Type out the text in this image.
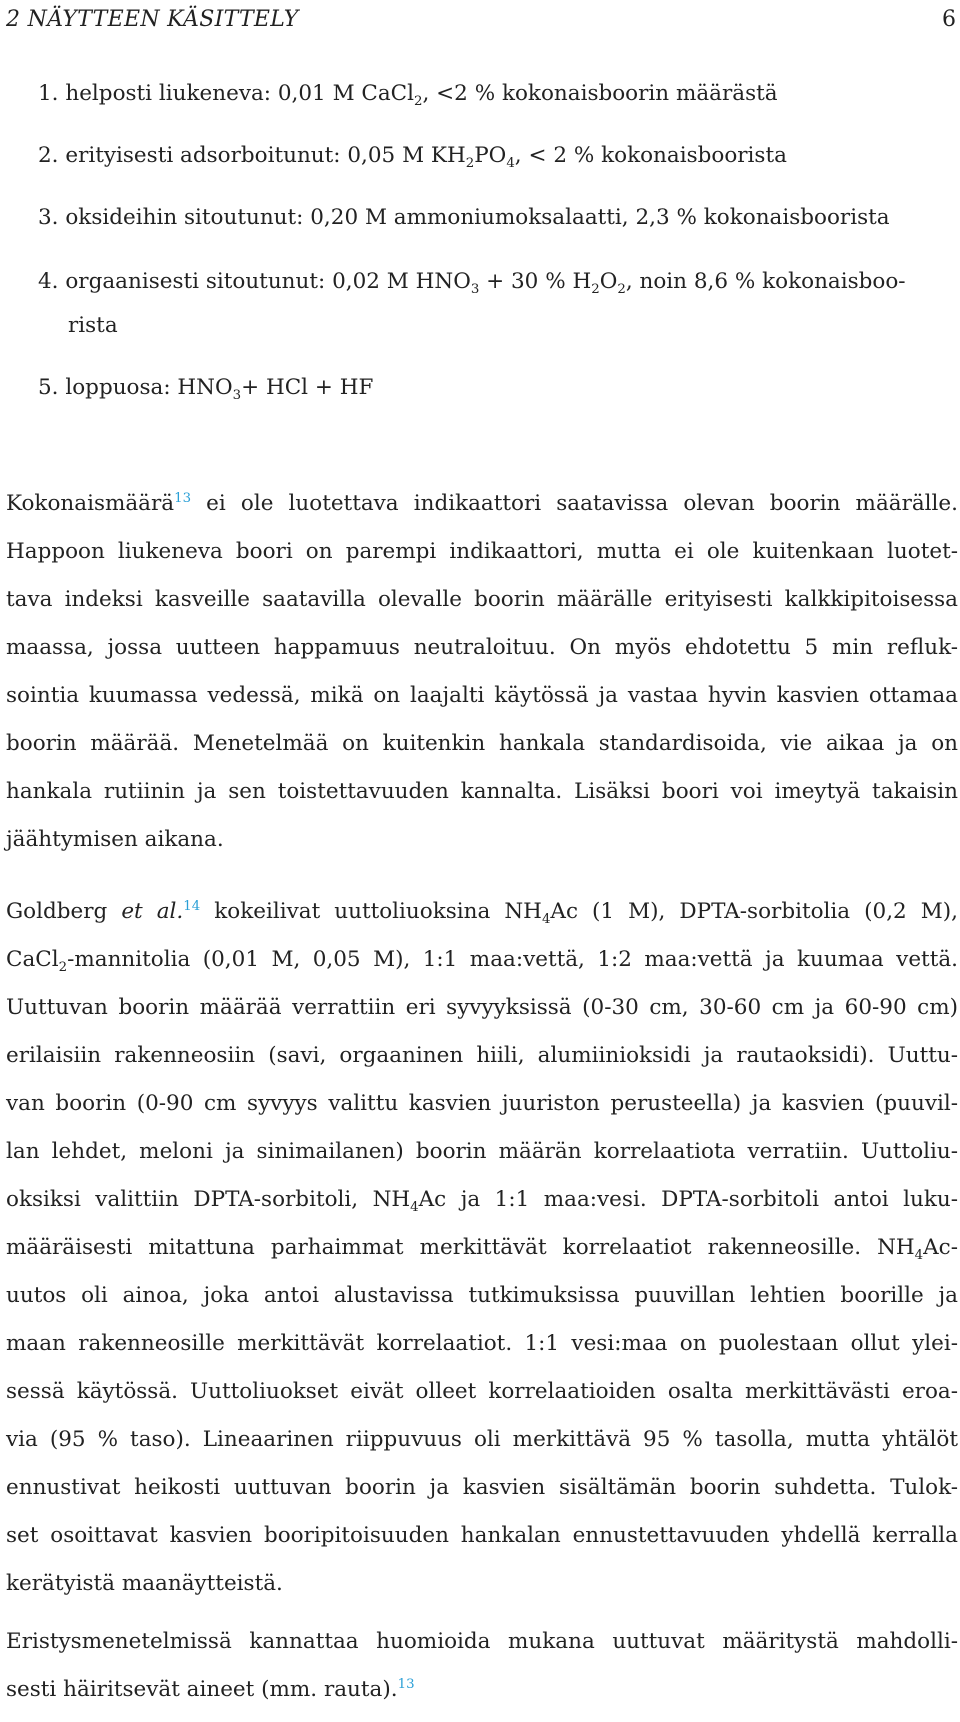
2 NÄYTTEEN KÄSITTELY	6
1. helposti liukeneva: 0,01 M CaCl$_2$, <2 % kokonaisboorin määrästä
2. erityisesti adsorboitunut: 0,05 M $KH_2PO_4$, < 2 % kokonaisboorista
3. oksideihin sitoutunut: 0,20 M ammoniumoksalaatti, 2,3 % kokonaisboorista
4. orgaanisesti sitoutunut: 0,02 M $HNO_3 + 30$ % $H_2O_2$, noin 8,6 % kokonaisboo-
rista
5. loppuosa: $HNO_3+$ HCl + HF
Kokonaismäärä$^{13}$ ei ole luotettava indikaattori saatavissa olevan boorin määrälle.
Happoon liukeneva boori on parempi indikaattori, mutta ei ole kuitenkaan luotet-
tava indeksi kasveille saatavilla olevalle boorin määrälle erityisesti kalkkipitoisessa
maassa, jossa uutteen happamuus neutraloituu. On myös ehdotettu 5 min refluk-
sointia kuumassa vedessä, mikä on laajalti käytössä ja vastaa hyvin kasvien ottamaa
boorin määrää. Menetelmää on kuitenkin hankala standardisoida, vie aikaa ja on
hankala rutiinin ja sen toistettavuuden kannalta. Lisäksi boori voi imeytyä takaisin
jäähtymisen aikana.
Goldberg et al.$^{14}$ kokeilivat uuttoliuoksina $NH_4Ac$ (1 M), DPTA-sorbitolia (0,2 M),
CaCl$_2$-mannitolia (0,01 M, 0,05 M), 1:1 maa:vettä, 1:2 maa:vettä ja kuumaa vettä.
Uuttuvan boorin määrää verrattiin eri syvyyksissä (0-30 cm, 30-60 cm ja 60-90 cm)
erilaisiin rakenneosiin (savi, orgaaninen hiili, alumiinioksidi ja rautaoksidi). Uuttu-
van boorin (0-90 cm syvyys valittu kasvien juuriston perusteella) ja kasvien (puuvil-
lan lehdet, meloni ja sinimailanen) boorin määrän korrelaatiota verratiin. Uuttoliu-
oksiksi valittiin DPTA-sorbitoli, $NH_4Ac$ ja 1:1 maa:vesi. DPTA-sorbitoli antoi luku-
määräisesti mitattuna parhaimmat merkittävät korrelaatiot rakenneosille. $NH_4Ac-$
uutos oli ainoa, joka antoi alustavissa tutkimuksissa puuvillan lehtien boorille ja
maan rakenneosille merkittävät korrelaatiot. 1:1 vesi:maa on puolestaan ollut ylei-
sessä käytössä. Uuttoliuokset eivät olleet korrelaatioiden osalta merkittävästi eroa-
via (95 % taso). Lineaarinen riippuvuus oli merkittävä 95 % tasolla, mutta yhtälöt
ennustivat heikosti uuttuvan boorin ja kasvien sisältämän boorin suhdetta. Tulok-
set osoittavat kasvien booripitoisuuden hankalan ennustettavuuden yhdellä kerralla
kerätyistä maanäytteistä.
Eristysmenetelmissä kannattaa huomioida mukana uuttuvat määritystä mahdolli-
sesti häiritsevät aineet (mm. rauta).$^{13}$
